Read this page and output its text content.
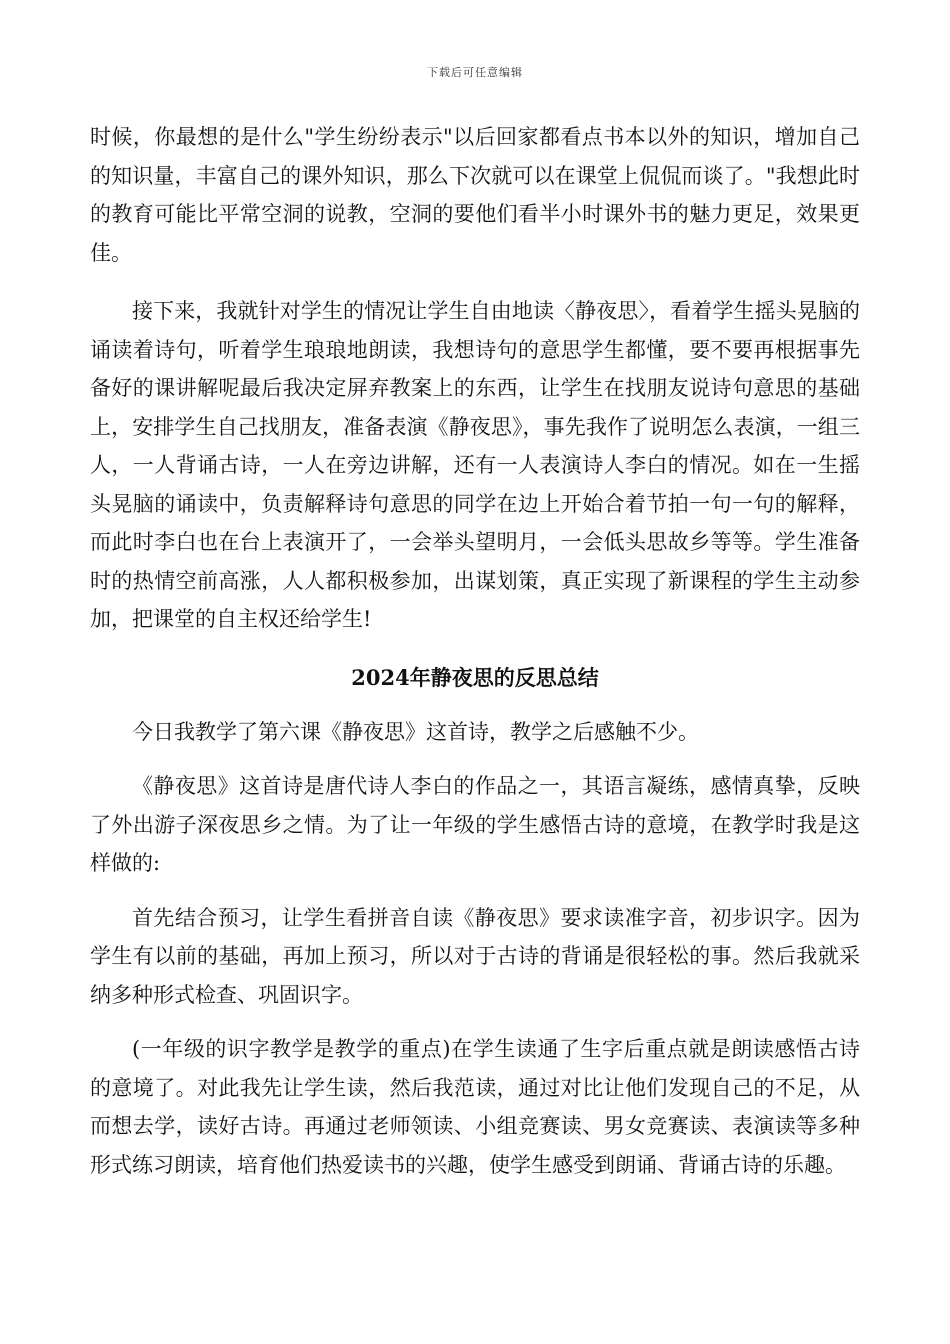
下载后可任意编辑

时候，你最想的是什么"学生纷纷表示"以后回家都看点书本以外的知识，增加自己的知识量，丰富自己的课外知识，那么下次就可以在课堂上侃侃而谈了。"我想此时的教育可能比平常空洞的说教，空洞的要他们看半小时课外书的魅力更足，效果更佳。

接下来，我就针对学生的情况让学生自由地读〈静夜思〉，看着学生摇头晃脑的诵读着诗句，听着学生琅琅地朗读，我想诗句的意思学生都懂，要不要再根据事先备好的课讲解呢最后我决定屏弃教案上的东西，让学生在找朋友说诗句意思的基础上，安排学生自己找朋友，准备表演《静夜思》，事先我作了说明怎么表演，一组三人，一人背诵古诗，一人在旁边讲解，还有一人表演诗人李白的情况。如在一生摇头晃脑的诵读中，负责解释诗句意思的同学在边上开始合着节拍一句一句的解释，而此时李白也在台上表演开了，一会举头望明月，一会低头思故乡等等。学生准备时的热情空前高涨，人人都积极参加，出谋划策，真正实现了新课程的学生主动参加，把课堂的自主权还给学生!

2024年静夜思的反思总结

今日我教学了第六课《静夜思》这首诗，教学之后感触不少。

《静夜思》这首诗是唐代诗人李白的作品之一，其语言凝练，感情真挚，反映了外出游子深夜思乡之情。为了让一年级的学生感悟古诗的意境，在教学时我是这样做的:

首先结合预习，让学生看拼音自读《静夜思》要求读准字音，初步识字。因为学生有以前的基础，再加上预习，所以对于古诗的背诵是很轻松的事。然后我就采纳多种形式检查、巩固识字。

(一年级的识字教学是教学的重点)在学生读通了生字后重点就是朗读感悟古诗的意境了。对此我先让学生读，然后我范读，通过对比让他们发现自己的不足，从而想去学，读好古诗。再通过老师领读、小组竞赛读、男女竞赛读、表演读等多种形式练习朗读，培育他们热爱读书的兴趣，使学生感受到朗诵、背诵古诗的乐趣。
